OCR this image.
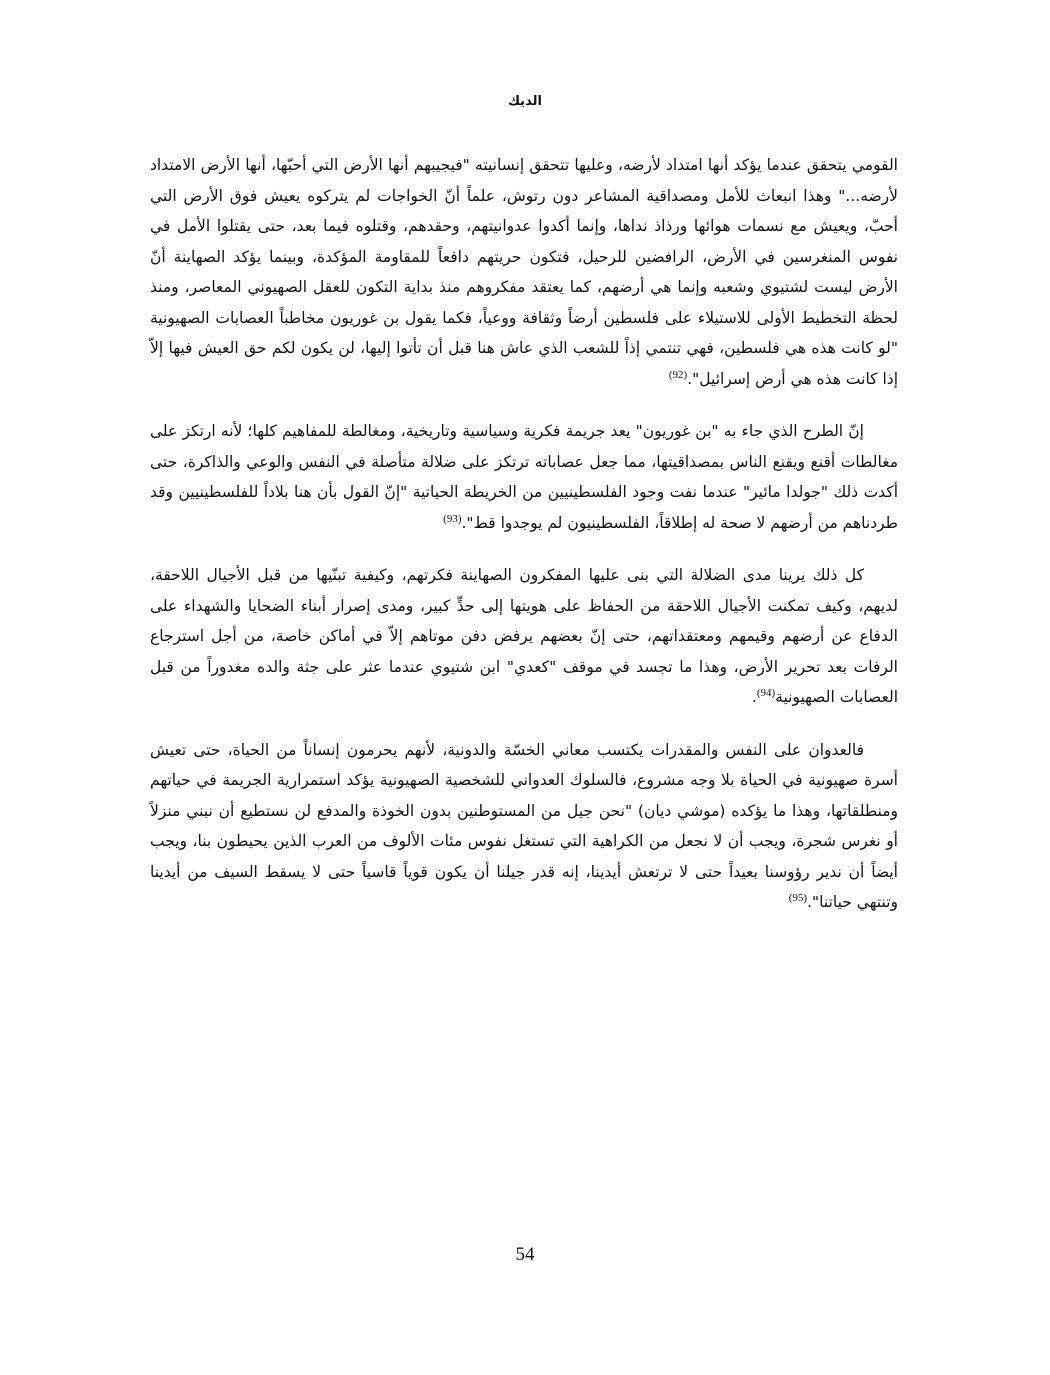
الديك

القومي يتحقق عندما يؤكد أنها امتداد لأرضه، وعليها تتحقق إنسانيته "فيجيبهم أنها الأرض التي أحبّها، أنها الأرض الامتداد لأرضه..." وهذا انبعاث للأمل ومصداقية المشاعر دون رتوش، علماً أنّ الخواجات لم يتركوه يعيش فوق الأرض التي أحبّ، ويعيش مع نسمات هوائها ورذاذ نداها، وإنما أكدوا عدوانيتهم، وحقدهم، وقتلوه فيما بعد، حتى يقتلوا الأمل في نفوس المنغرسين في الأرض، الرافضين للرحيل، فتكون حريتهم دافعاً للمقاومة المؤكدة، وبينما يؤكد الصهاينة أنّ الأرض ليست لشتيوي وشعبه وإنما هي أرضهم، كما يعتقد مفكروهم منذ بداية التكون للعقل الصهيوني المعاصر، ومنذ لحظة التخطيط الأولى للاستيلاء على فلسطين أرضاً وثقافة ووعياً، فكما يقول بن غوريون مخاطباً العصابات الصهيونية "لو كانت هذه هي فلسطين، فهي تنتمي إذاً للشعب الذي عاش هنا قبل أن تأتوا إليها، لن يكون لكم حق العيش فيها إلاّ إذا كانت هذه هي أرض إسرائيل".$^{(92)}$

إنّ الطرح الذي جاء به "بن غوريون" يعد جريمة فكرية وسياسية وتاريخية، ومغالطة للمفاهيم كلها؛ لأنه ارتكز على مغالطات أقنع ويقنع الناس بمصداقيتها، مما جعل عصاباته ترتكز على ضلالة متأصلة في النفس والوعي والذاكرة، حتى أكدت ذلك "جولدا مائير" عندما نفت وجود الفلسطينيين من الخريطة الحياتية "إنّ القول بأن هنا بلاداً للفلسطينيين وقد طردناهم من أرضهم لا صحة له إطلاقاً، الفلسطينيون لم يوجدوا قط".$^{(93)}$

كل ذلك يرينا مدى الضلالة التي بنى عليها المفكرون الصهاينة فكرتهم، وكيفية تبنّيها من قبل الأجيال اللاحقة، لديهم، وكيف تمكنت الأجيال اللاحقة من الحفاظ على هويتها إلى حدٍّ كبير، ومدى إصرار أبناء الضحايا والشهداء على الدفاع عن أرضهم وقيمهم ومعتقداتهم، حتى إنّ بعضهم يرفض دفن موتاهم إلاّ في أماكن خاصة، من أجل استرجاع الرفات بعد تحرير الأرض، وهذا ما تجسد في موقف "كعدي" ابن شتيوي عندما عثر على جثة والده مغدوراً من قبل العصابات الصهيونية$^{(94)}$.

فالعدوان على النفس والمقدرات يكتسب معاني الخسّة والدونية، لأنهم يحرمون إنساناً من الحياة، حتى تعيش أسرة صهيونية في الحياة بلا وجه مشروع، فالسلوك العدواني للشخصية الصهيونية يؤكد استمرارية الجريمة في حياتهم ومنطلقاتها، وهذا ما يؤكده (موشي ديان) "نحن جيل من المستوطنين بدون الخوذة والمدفع لن نستطيع أن نبني منزلاً أو نغرس شجرة، ويجب أن لا نجعل من الكراهية التي تستغل نفوس مئات الألوف من العرب الذين يحيطون بنا، ويجب أيضاً أن ندير رؤوسنا بعيداً حتى لا ترتعش أيدينا، إنه قدر جيلنا أن يكون قوياً قاسياً حتى لا يسقط السيف من أيدينا وتنتهي حياتنا".$^{(95)}$

54
